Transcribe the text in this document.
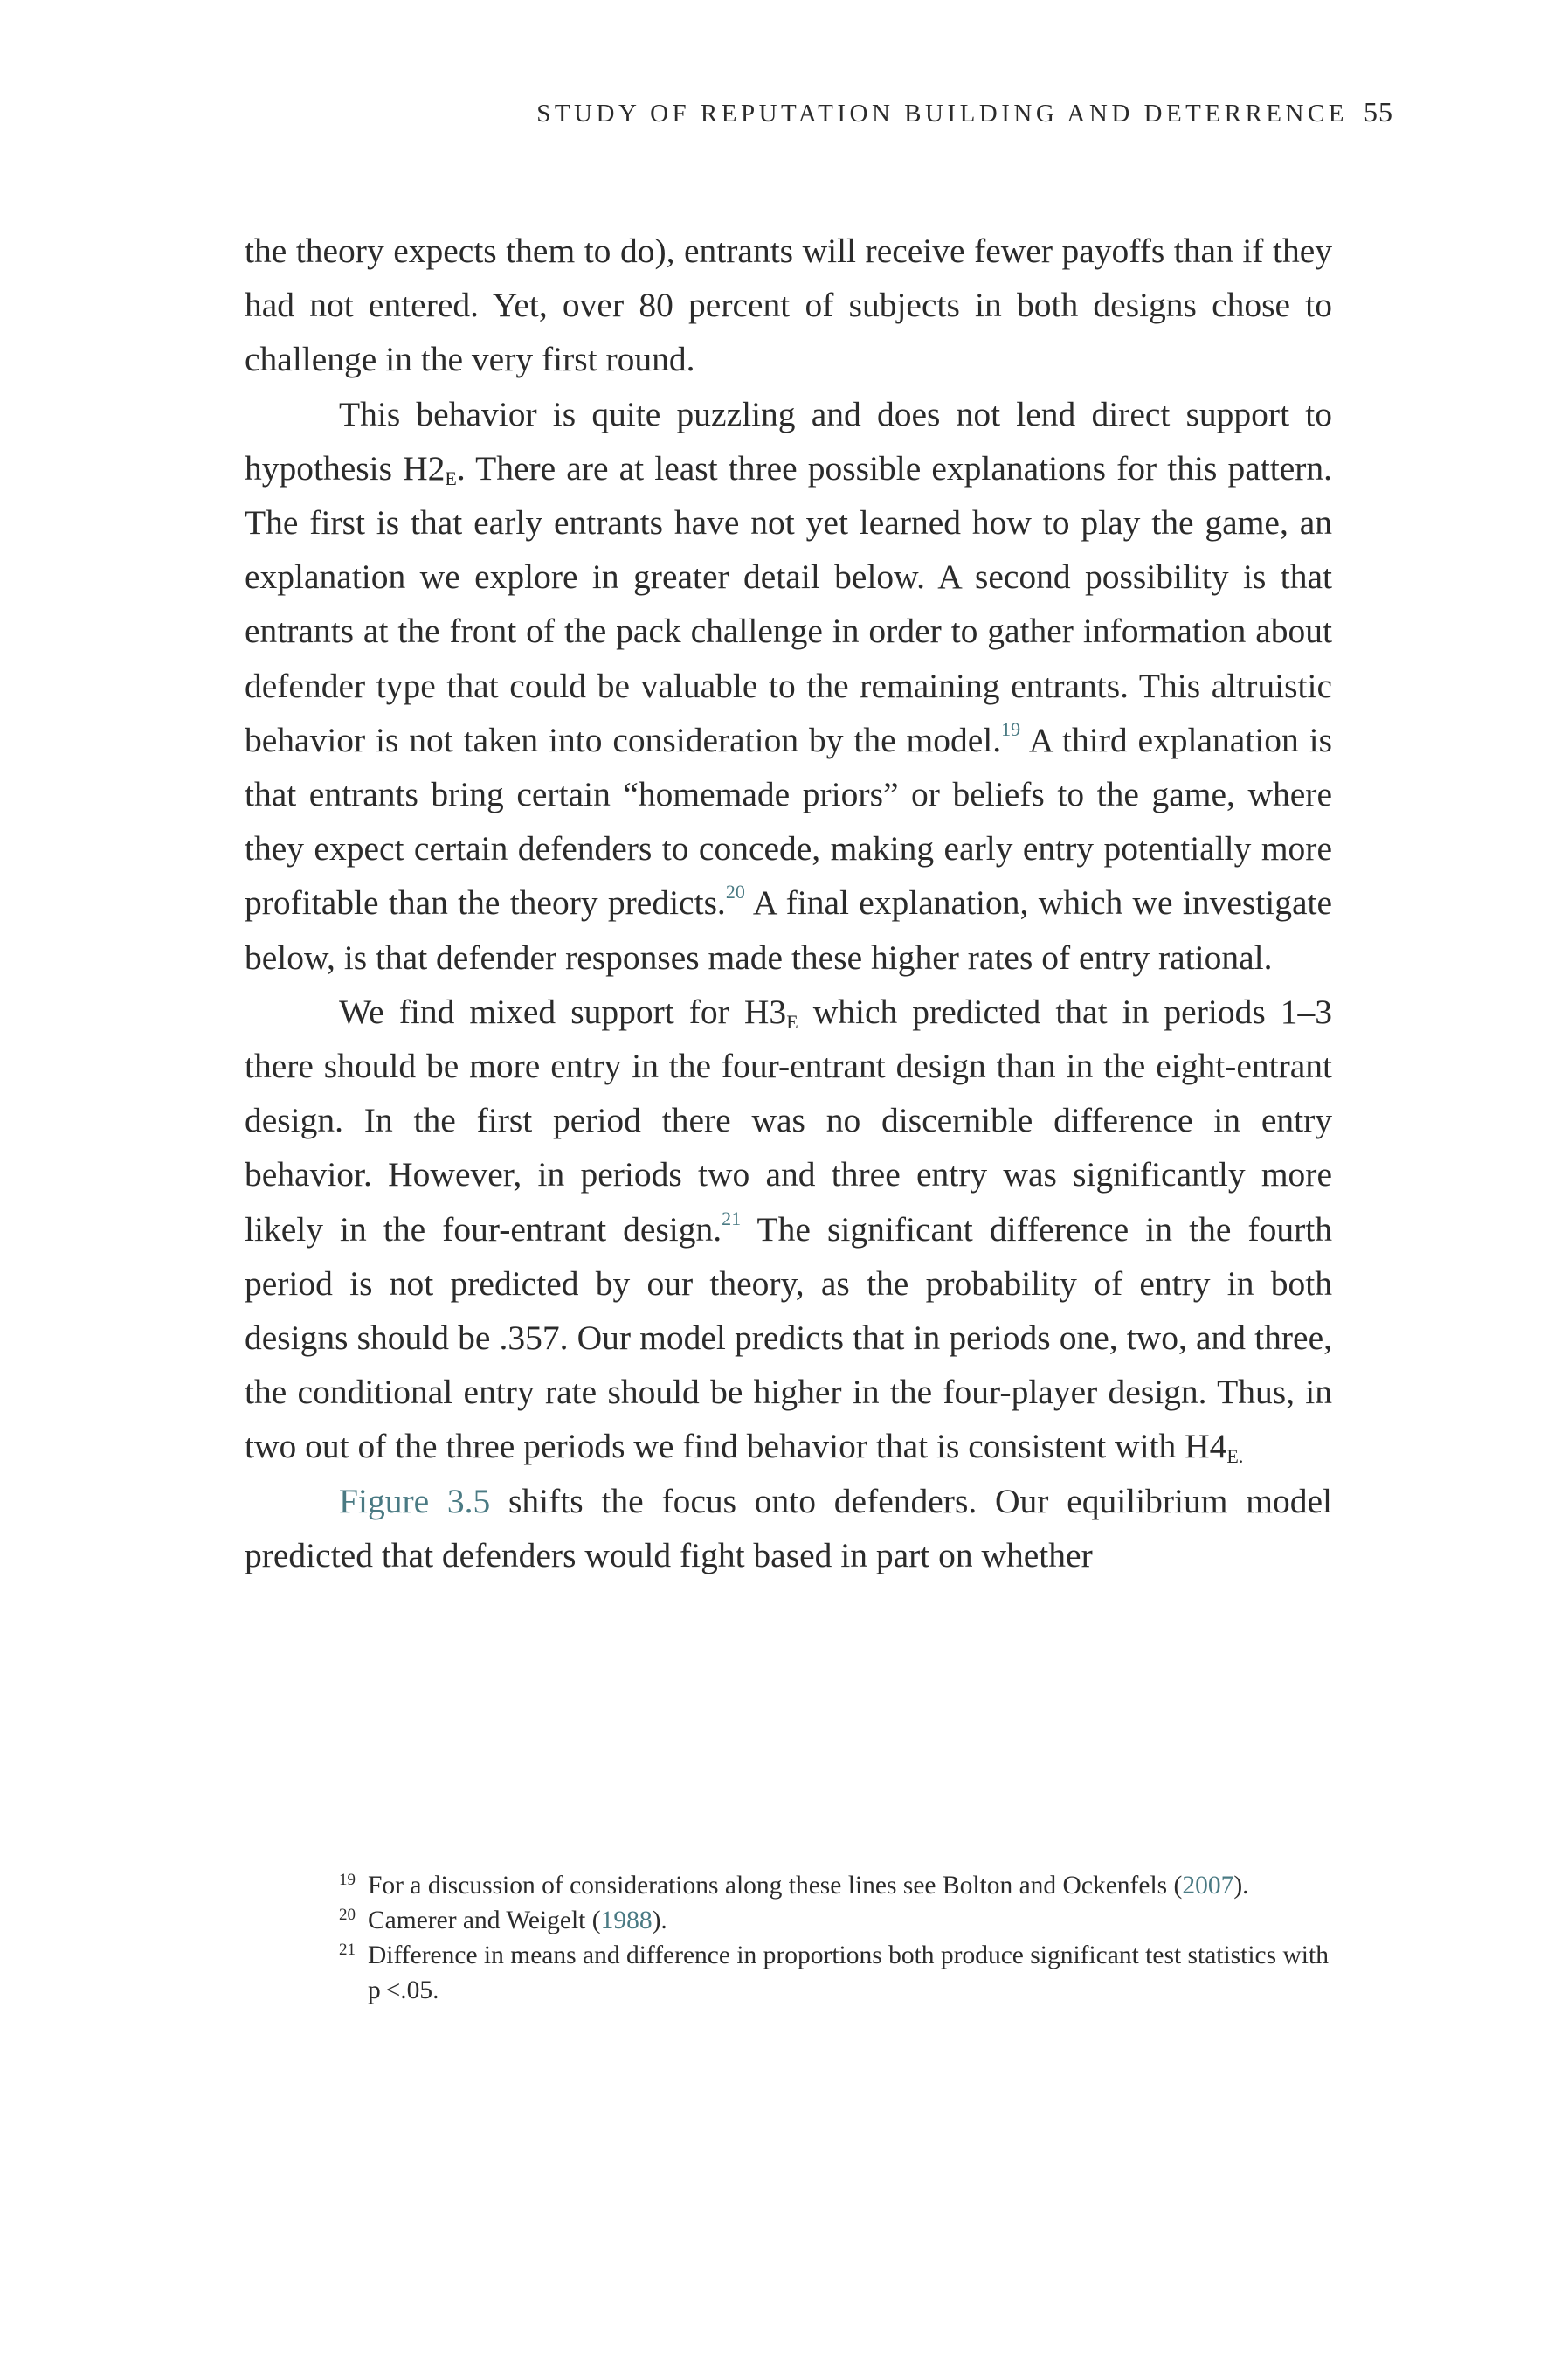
STUDY OF REPUTATION BUILDING AND DETERRENCE 55

the theory expects them to do), entrants will receive fewer payoffs than if they had not entered. Yet, over 80 percent of subjects in both designs chose to challenge in the very first round.

This behavior is quite puzzling and does not lend direct support to hypothesis $H2_E$. There are at least three possible explanations for this pattern. The first is that early entrants have not yet learned how to play the game, an explanation we explore in greater detail below. A second possibility is that entrants at the front of the pack challenge in order to gather information about defender type that could be valuable to the remaining entrants. This altruistic behavior is not taken into consideration by the model.$^{19}$ A third explanation is that entrants bring certain “homemade priors” or beliefs to the game, where they expect certain defenders to concede, making early entry potentially more profitable than the theory predicts.$^{20}$ A final explanation, which we investigate below, is that defender responses made these higher rates of entry rational.

We find mixed support for $H3_E$ which predicted that in periods 1–3 there should be more entry in the four-entrant design than in the eight-entrant design. In the first period there was no discernible difference in entry behavior. However, in periods two and three entry was significantly more likely in the four-entrant design.$^{21}$ The significant difference in the fourth period is not predicted by our theory, as the probability of entry in both designs should be .357. Our model predicts that in periods one, two, and three, the conditional entry rate should be higher in the four-player design. Thus, in two out of the three periods we find behavior that is consistent with $H4_{E.}$

Figure 3.5 shifts the focus onto defenders. Our equilibrium model predicted that defenders would fight based in part on whether

19 For a discussion of considerations along these lines see Bolton and Ockenfels (2007).

20 Camerer and Weigelt (1988).

21 Difference in means and difference in proportions both produce significant test statistics with p <.05.
